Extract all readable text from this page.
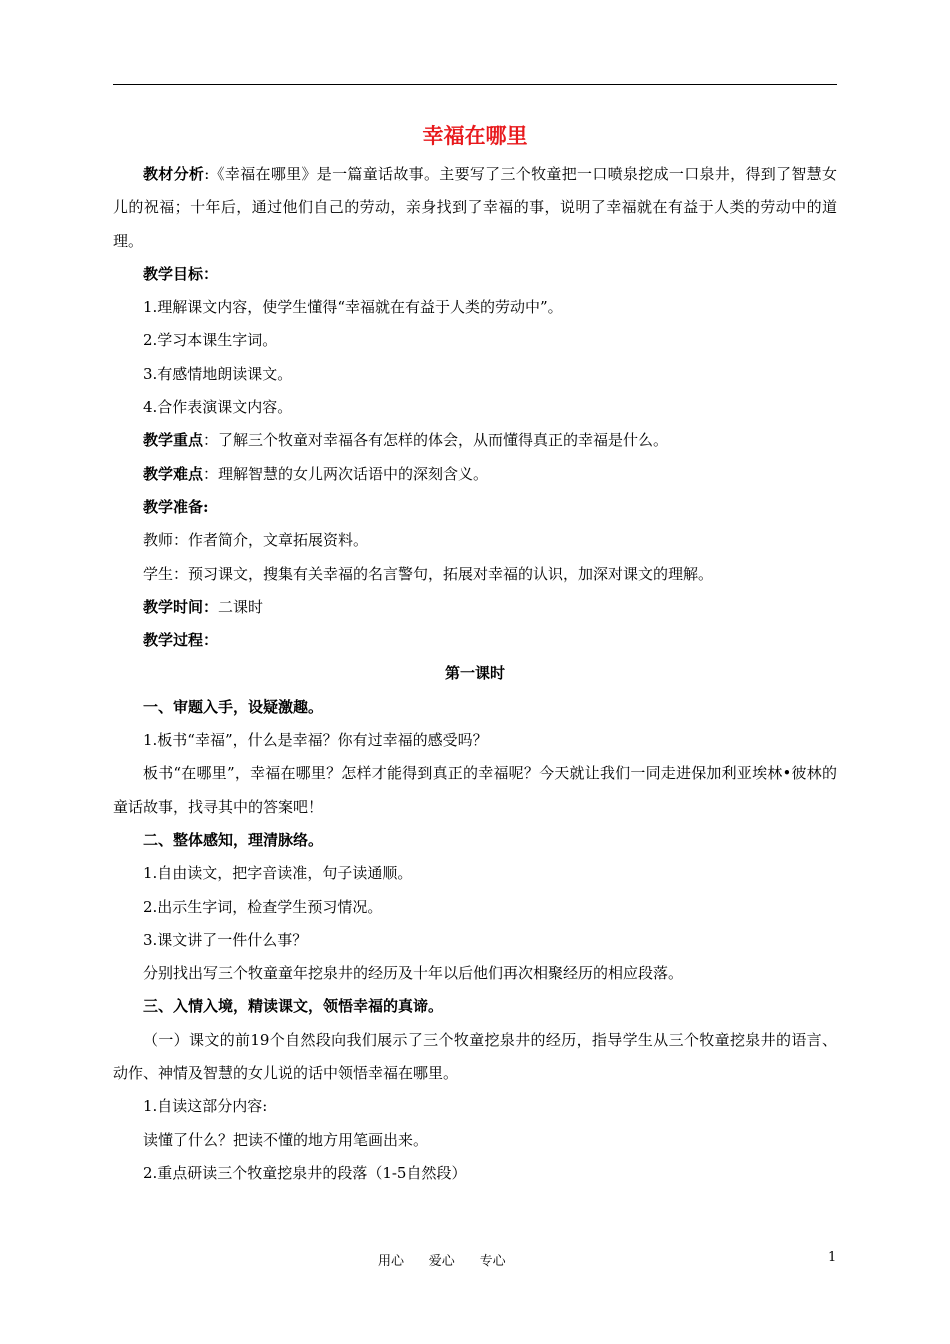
幸福在哪里

教材分析:《幸福在哪里》是一篇童话故事。主要写了三个牧童把一口喷泉挖成一口泉井，得到了智慧女儿的祝福；十年后，通过他们自己的劳动，亲身找到了幸福的事，说明了幸福就在有益于人类的劳动中的道理。

教学目标：

1.理解课文内容，使学生懂得“幸福就在有益于人类的劳动中”。

2.学习本课生字词。

3.有感情地朗读课文。

4.合作表演课文内容。

教学重点：了解三个牧童对幸福各有怎样的体会，从而懂得真正的幸福是什么。

教学难点：理解智慧的女儿两次话语中的深刻含义。

教学准备:

教师：作者简介，文章拓展资料。

学生：预习课文，搜集有关幸福的名言警句，拓展对幸福的认识，加深对课文的理解。

教学时间：二课时

教学过程：

第一课时

一、审题入手，设疑激趣。

1.板书“幸福”，什么是幸福？你有过幸福的感受吗？

板书“在哪里”，幸福在哪里？怎样才能得到真正的幸福呢？今天就让我们一同走进保加利亚埃林•彼林的童话故事，找寻其中的答案吧！

二、整体感知，理清脉络。

1.自由读文，把字音读准，句子读通顺。

2.出示生字词，检查学生预习情况。

3.课文讲了一件什么事？

分别找出写三个牧童童年挖泉井的经历及十年以后他们再次相聚经历的相应段落。

三、入情入境，精读课文，领悟幸福的真谛。

（一）课文的前19个自然段向我们展示了三个牧童挖泉井的经历，指导学生从三个牧童挖泉井的语言、动作、神情及智慧的女儿说的话中领悟幸福在哪里。

1.自读这部分内容:

读懂了什么？把读不懂的地方用笔画出来。

2.重点研读三个牧童挖泉井的段落（1-5自然段）

用心      爱心      专心	1
